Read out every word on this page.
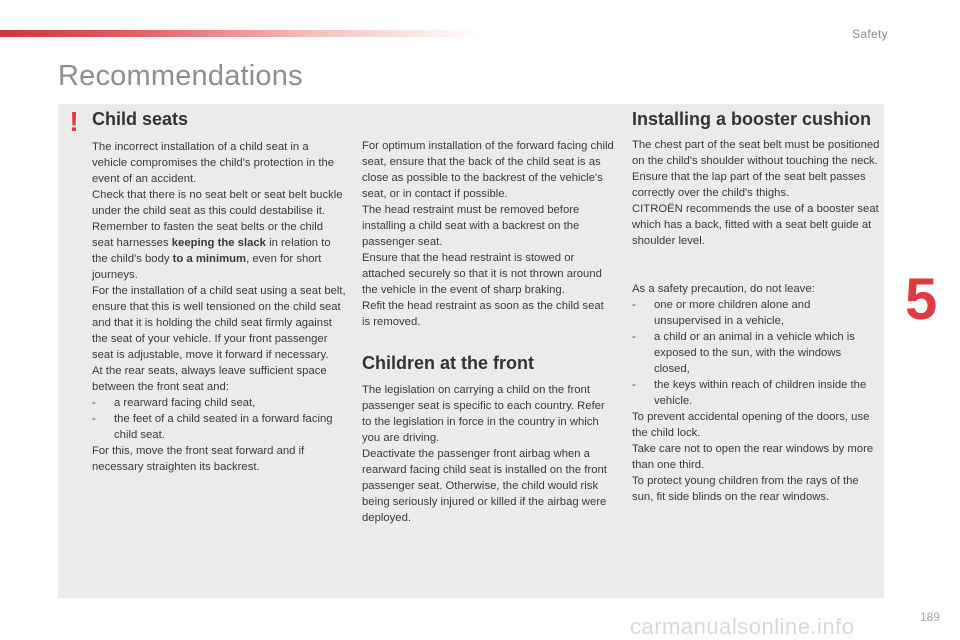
Safety
Recommendations
! Child seats

The incorrect installation of a child seat in a vehicle compromises the child's protection in the event of an accident.

Check that there is no seat belt or seat belt buckle under the child seat as this could destabilise it.

Remember to fasten the seat belts or the child seat harnesses keeping the slack in relation to the child's body to a minimum, even for short journeys.

For the installation of a child seat using a seat belt, ensure that this is well tensioned on the child seat and that it is holding the child seat firmly against the seat of your vehicle. If your front passenger seat is adjustable, move it forward if necessary.

At the rear seats, always leave sufficient space between the front seat and:

- a rearward facing child seat,

- the feet of a child seated in a forward facing child seat.

For this, move the front seat forward and if necessary straighten its backrest.

For optimum installation of the forward facing child seat, ensure that the back of the child seat is as close as possible to the backrest of the vehicle's seat, or in contact if possible.

The head restraint must be removed before installing a child seat with a backrest on the passenger seat.

Ensure that the head restraint is stowed or attached securely so that it is not thrown around the vehicle in the event of sharp braking.

Refit the head restraint as soon as the child seat is removed.

Children at the front

The legislation on carrying a child on the front passenger seat is specific to each country. Refer to the legislation in force in the country in which you are driving.

Deactivate the passenger front airbag when a rearward facing child seat is installed on the front passenger seat. Otherwise, the child would risk being seriously injured or killed if the airbag were deployed.

Installing a booster cushion

The chest part of the seat belt must be positioned on the child's shoulder without touching the neck.

Ensure that the lap part of the seat belt passes correctly over the child's thighs.

CITROËN recommends the use of a booster seat which has a back, fitted with a seat belt guide at shoulder level.

As a safety precaution, do not leave:

- one or more children alone and unsupervised in a vehicle,

- a child or an animal in a vehicle which is exposed to the sun, with the windows closed,

- the keys within reach of children inside the vehicle.

To prevent accidental opening of the doors, use the child lock.

Take care not to open the rear windows by more than one third.

To protect young children from the rays of the sun, fit side blinds on the rear windows.

5
carmanualsonline.info	189
